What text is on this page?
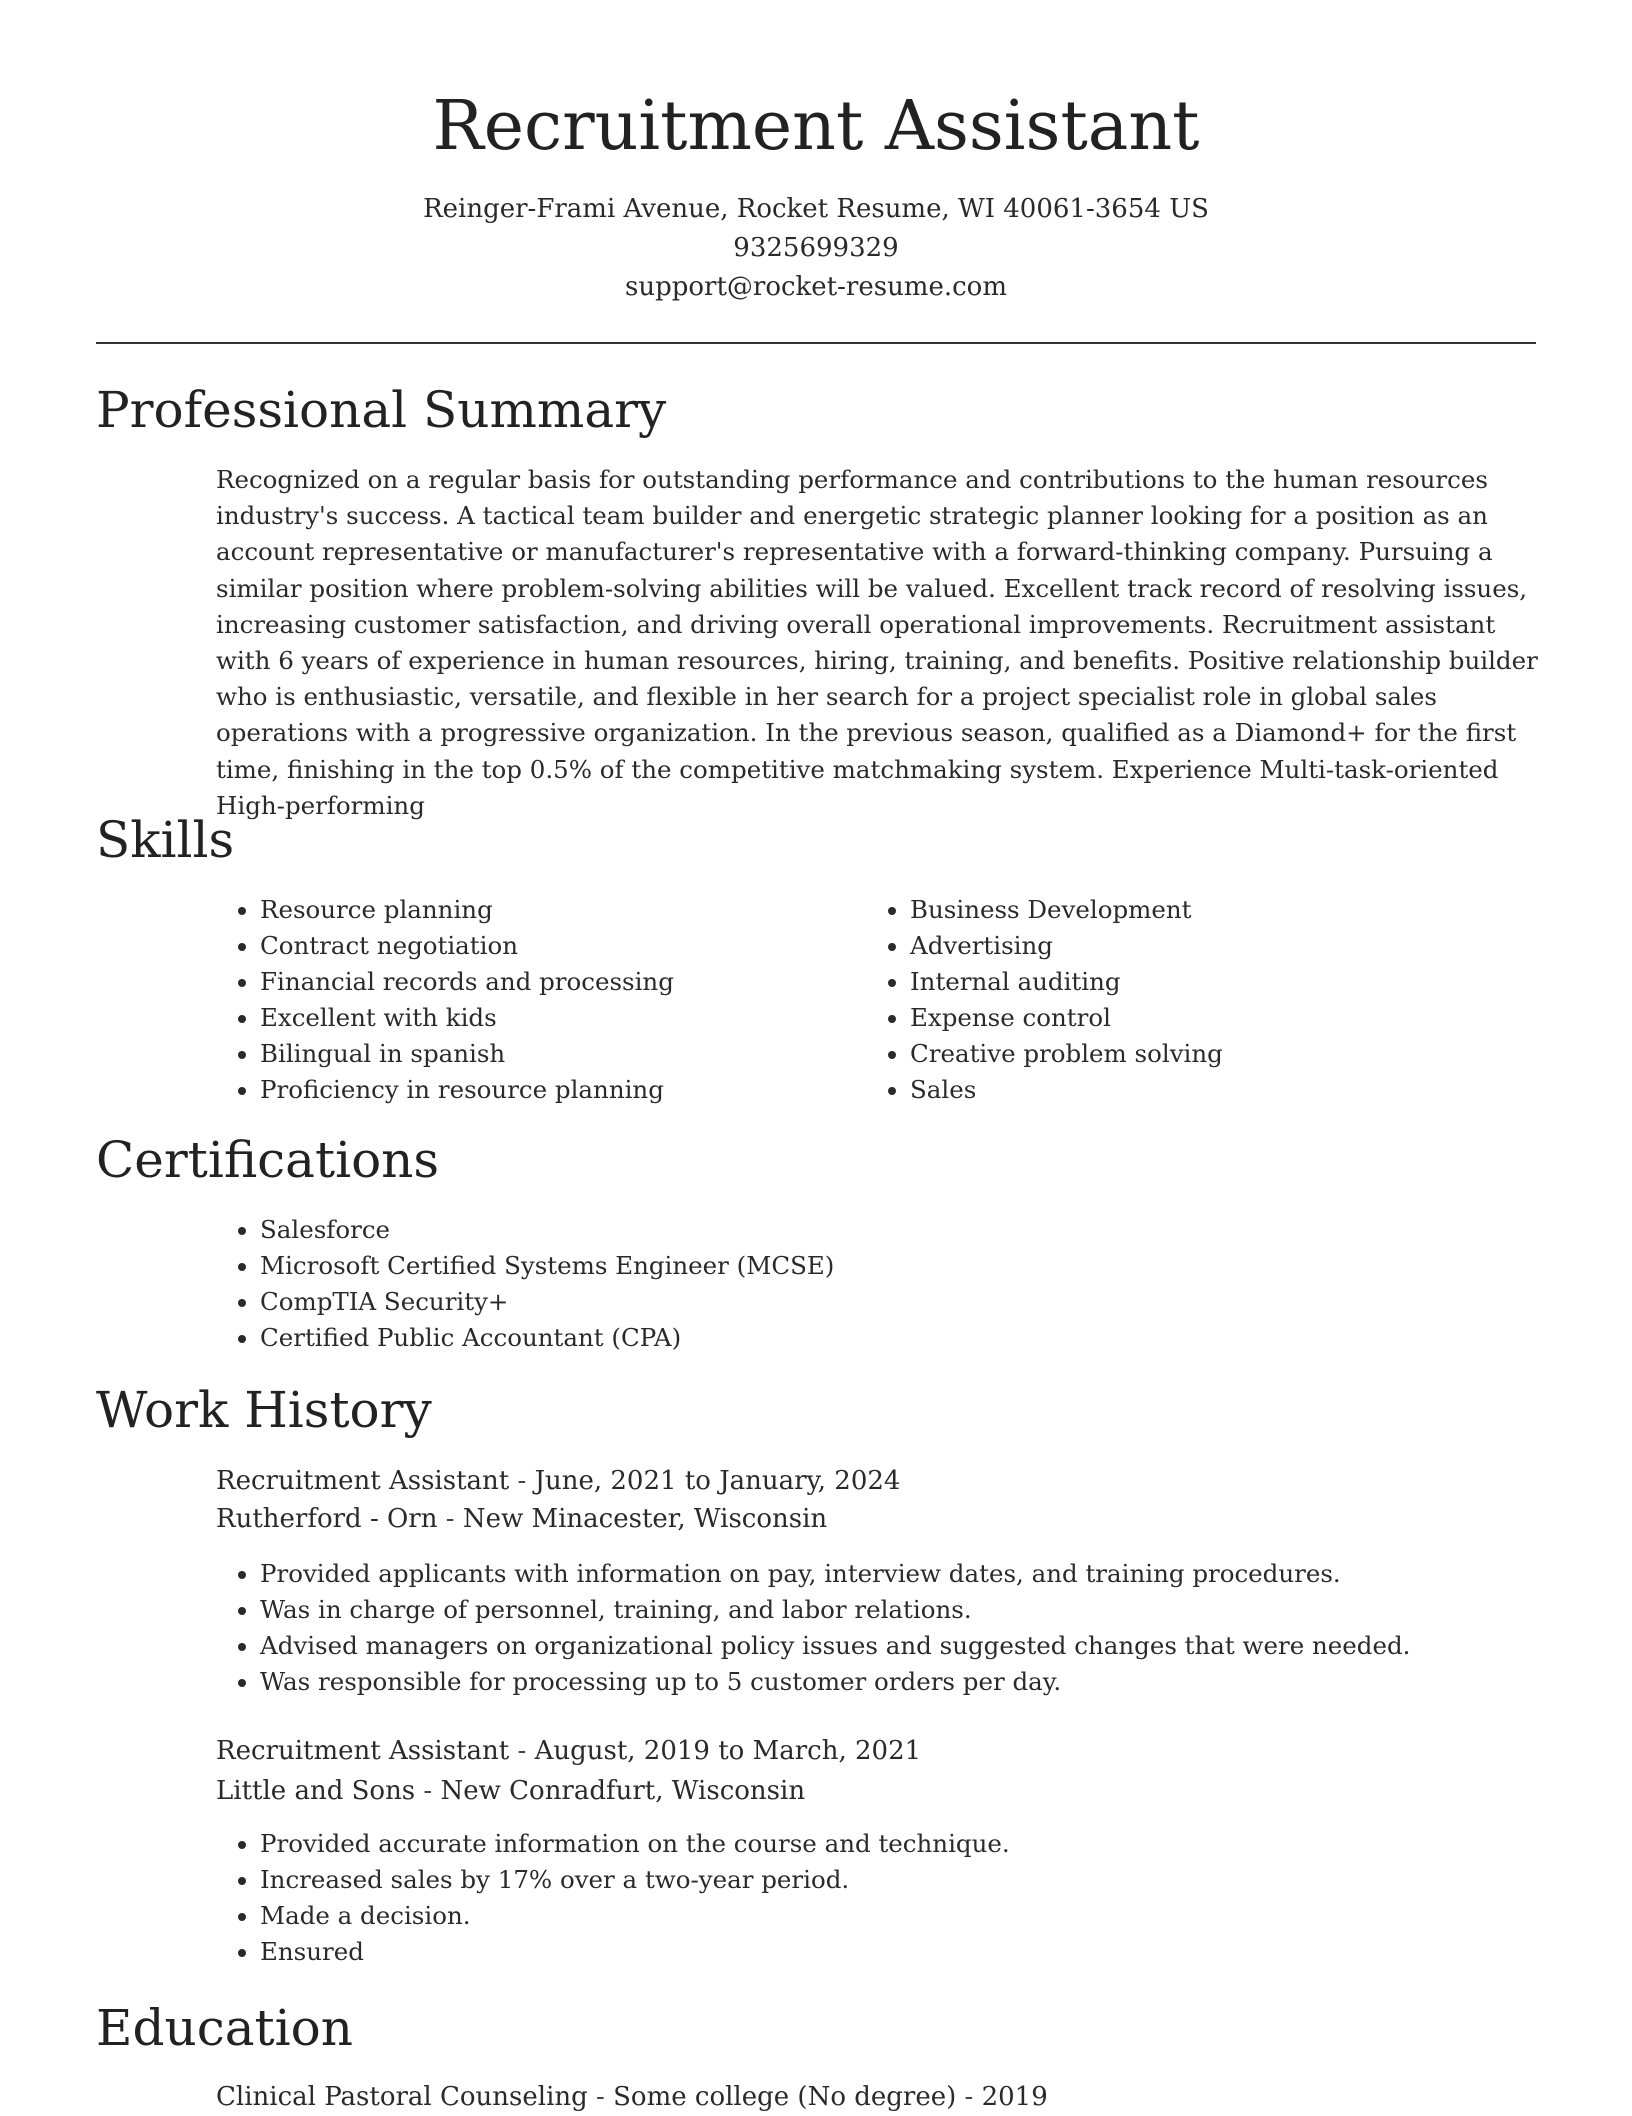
Recruitment Assistant
Reinger-Frami Avenue, Rocket Resume, WI 40061-3654 US
9325699329
support@rocket-resume.com
Professional Summary

Recognized on a regular basis for outstanding performance and contributions to the human resources industry's success. A tactical team builder and energetic strategic planner looking for a position as an account representative or manufacturer's representative with a forward-thinking company. Pursuing a similar position where problem-solving abilities will be valued. Excellent track record of resolving issues, increasing customer satisfaction, and driving overall operational improvements. Recruitment assistant with 6 years of experience in human resources, hiring, training, and benefits. Positive relationship builder who is enthusiastic, versatile, and flexible in her search for a project specialist role in global sales operations with a progressive organization. In the previous season, qualified as a Diamond+ for the first time, finishing in the top 0.5% of the competitive matchmaking system. Experience Multi-task-oriented High-performing

Skills
• Resource planning
• Contract negotiation
• Financial records and processing
• Excellent with kids
• Bilingual in spanish
• Proficiency in resource planning
• Business Development
• Advertising
• Internal auditing
• Expense control
• Creative problem solving
• Sales
Certifications
• Salesforce
• Microsoft Certified Systems Engineer (MCSE)
• CompTIA Security+
• Certified Public Accountant (CPA)
Work History
Recruitment Assistant - June, 2021 to January, 2024
Rutherford - Orn - New Minacester, Wisconsin
• Provided applicants with information on pay, interview dates, and training procedures.
• Was in charge of personnel, training, and labor relations.
• Advised managers on organizational policy issues and suggested changes that were needed.
• Was responsible for processing up to 5 customer orders per day.
Recruitment Assistant - August, 2019 to March, 2021
Little and Sons - New Conradfurt, Wisconsin
• Provided accurate information on the course and technique.
• Increased sales by 17% over a two-year period.
• Made a decision.
• Ensured
Education
Clinical Pastoral Counseling - Some college (No degree) - 2019
